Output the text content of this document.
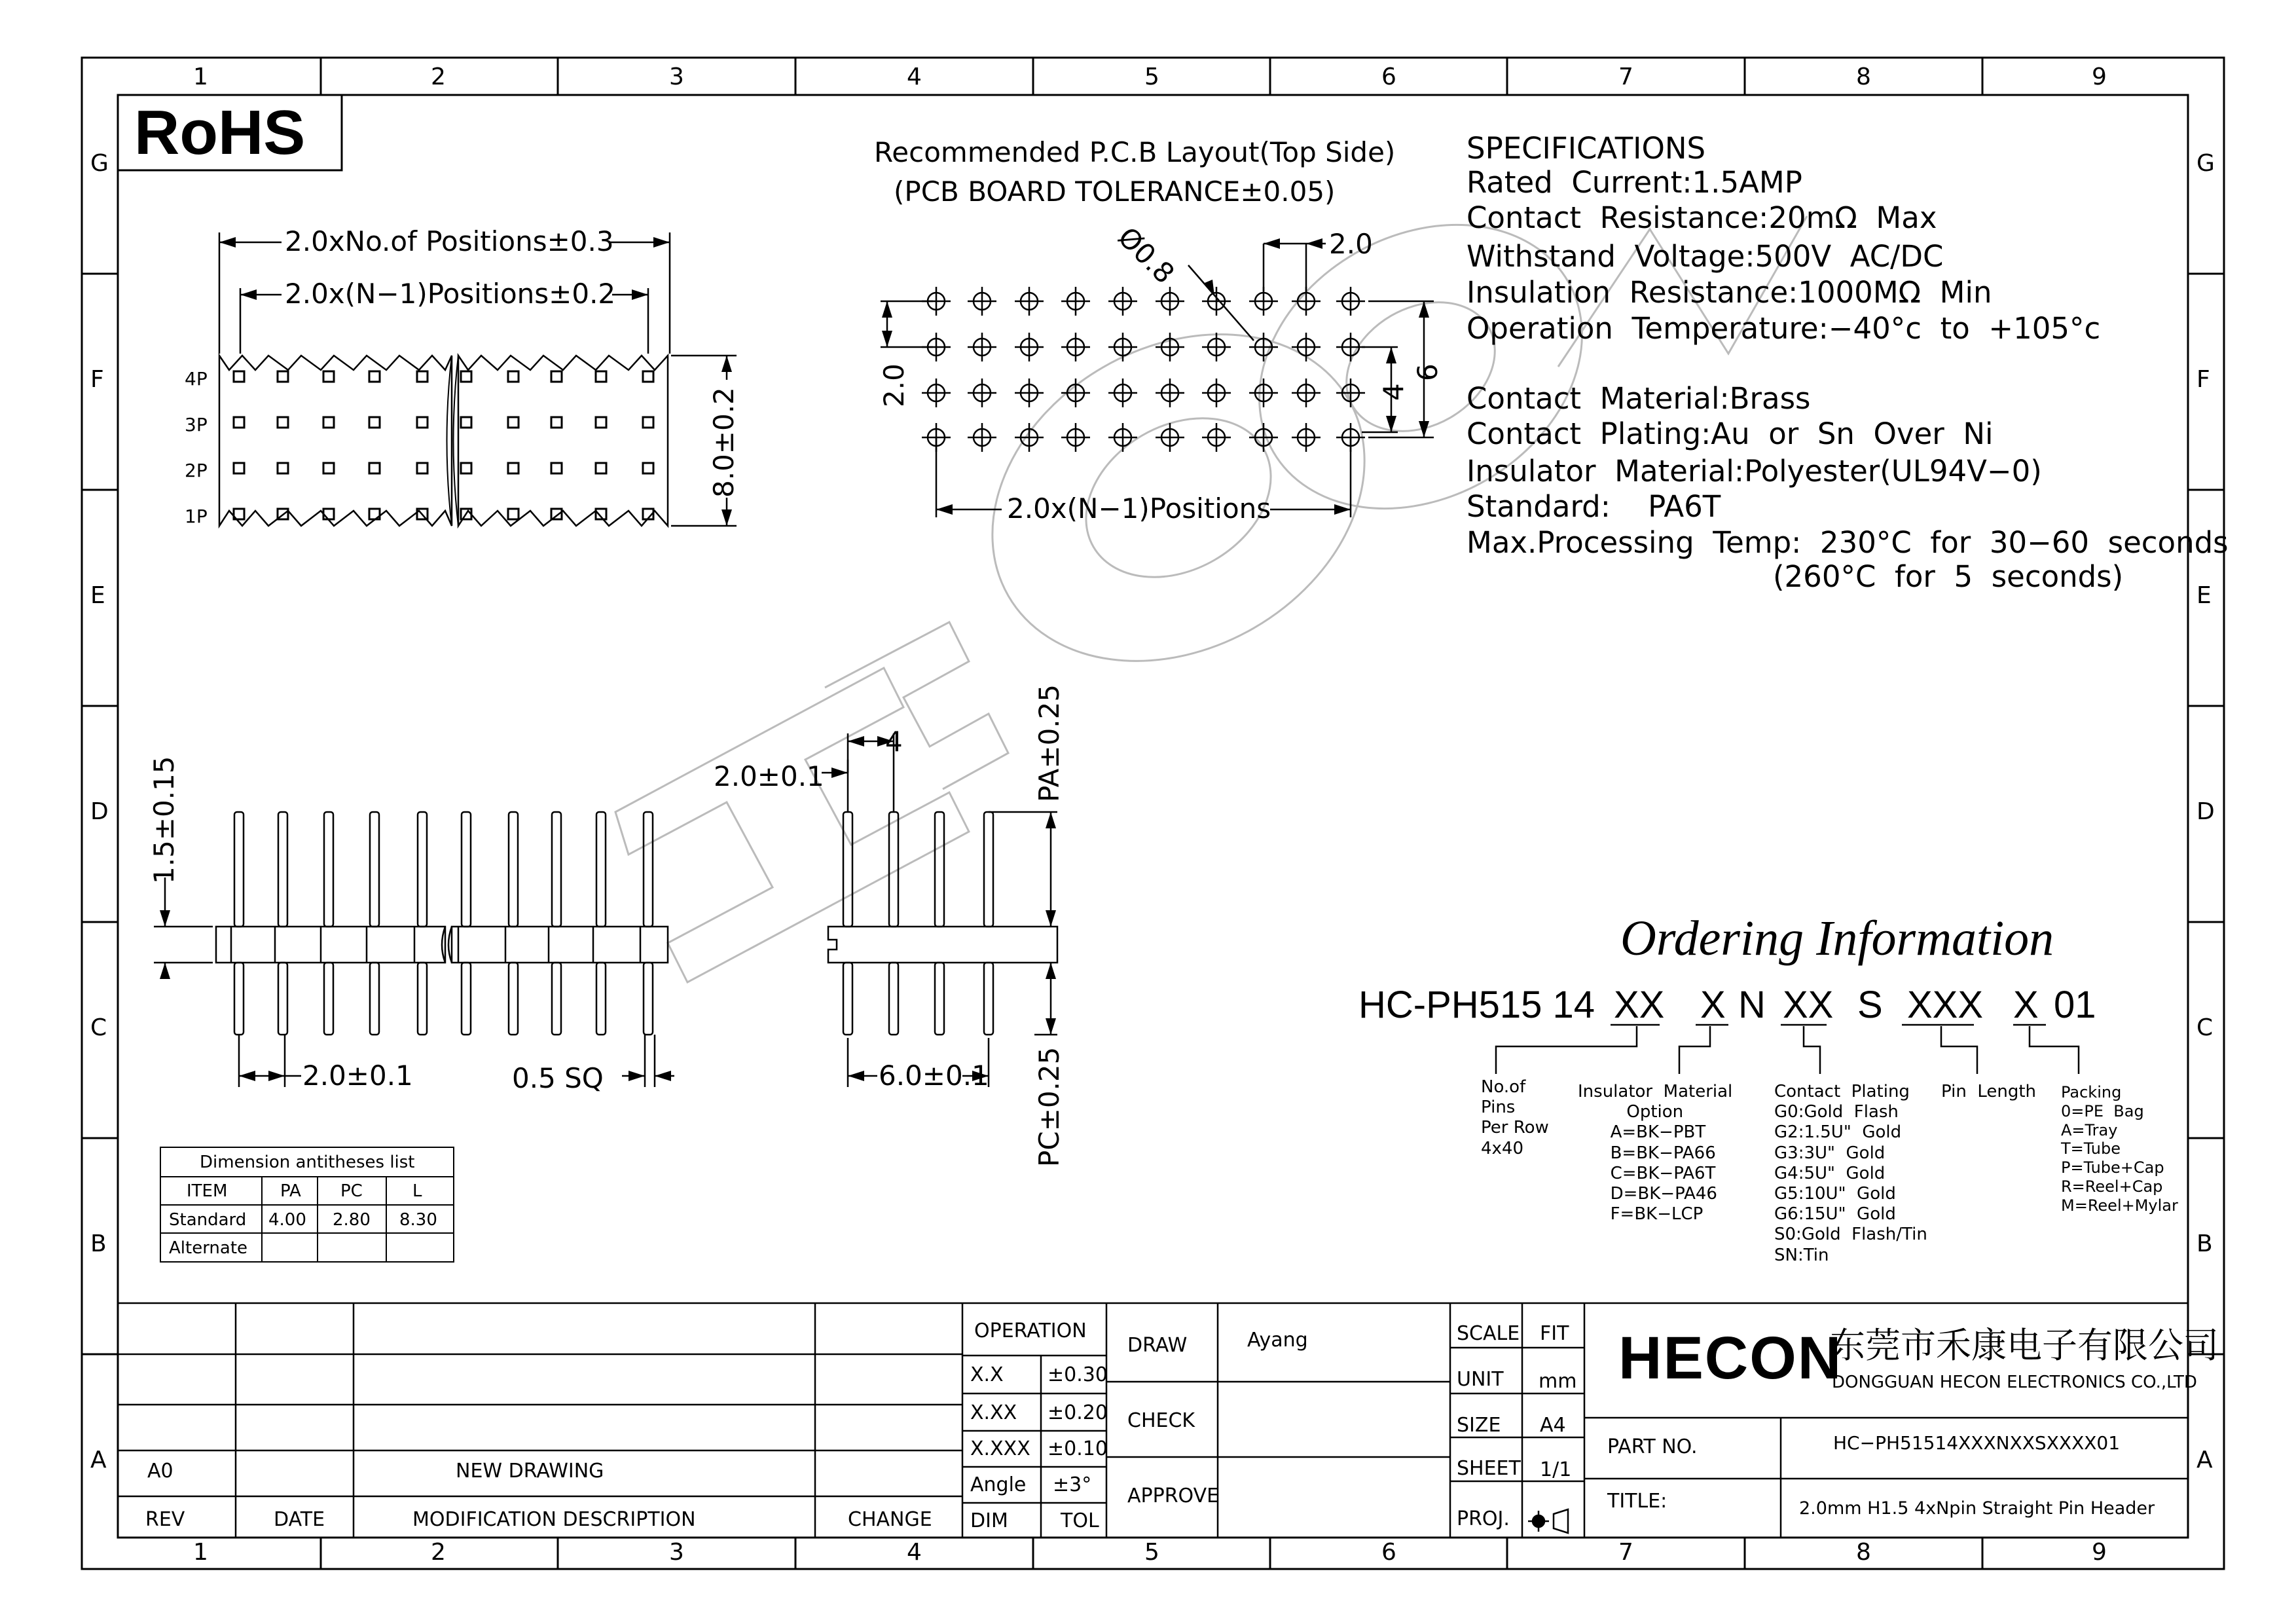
1	2	3	4	5	6	7	8	9
1	2	3	4	5	6	7	8	9
G
F
E
D
C
B
A
G
F
E
D
C
B
A
RoHS
2.0xNo.of Positions±0.3
2.0x(N−1)Positions±0.2
8.0±0.2
4P
3P
2P
1P
Recommended P.C.B Layout(Top Side)
(PCB BOARD TOLERANCE±0.05)
Ø0.8	2.0
2.0	4
6
2.0x(N−1)Positions
SPECIFICATIONS
Rated  Current:1.5AMP
Contact  Resistance:20mΩ  Max
Withstand  Voltage:500V  AC/DC
Insulation  Resistance:1000MΩ  Min
Operation  Temperature:−40°c  to  +105°c
Contact  Material:Brass
Contact  Plating:Au  or  Sn  Over  Ni
Insulator  Material:Polyester(UL94V−0)
Standard:    PA6T
Max.Processing  Temp:  230°C  for  30−60  seconds
(260°C  for  5  seconds)
1.5±0.15
2.0±0.1	0.5 SQ
2.0±0.1
4	PA±0.25
PC±0.25
6.0±0.1
Dimension antitheses list
ITEM	PA PC	L
Standard 4.00 2.80 8.30
Alternate
Ordering Information
HC-PH515 14 XX X N XX S XXX X 01
No.of
Pins
Per Row
4x40
Insulator  Material
Option
A=BK−PBT
B=BK−PA66
C=BK−PA6T
D=BK−PA46
F=BK−LCP
Contact  Plating
G0:Gold  Flash
G2:1.5U"  Gold
G3:3U"  Gold
G4:5U"  Gold
G5:10U"  Gold
G6:15U"  Gold
S0:Gold  Flash/Tin
SN:Tin
Pin  Length Packing
0=PE  Bag
A=Tray
T=Tube
P=Tube+Cap
R=Reel+Cap
M=Reel+Mylar
A0	NEW DRAWING
REV	DATE	MODIFICATION DESCRIPTION	CHANGE
OPERATION
X.X ±0.30
X.XX ±0.20
X.XXX ±0.10
Angle ±3°
DIM	TOL
DRAW	Ayang
CHECK
APPROVE
SCALE FIT
UNIT mm
SIZE A4
SHEET 1/1
PROJ.
HECON
东莞市禾康电子有限公司
DONGGUAN HECON ELECTRONICS CO.,LTD
PART NO.	HC−PH51514XXXNXXSXXXX01
TITLE:	2.0mm H1.5 4xNpin Straight Pin Header
